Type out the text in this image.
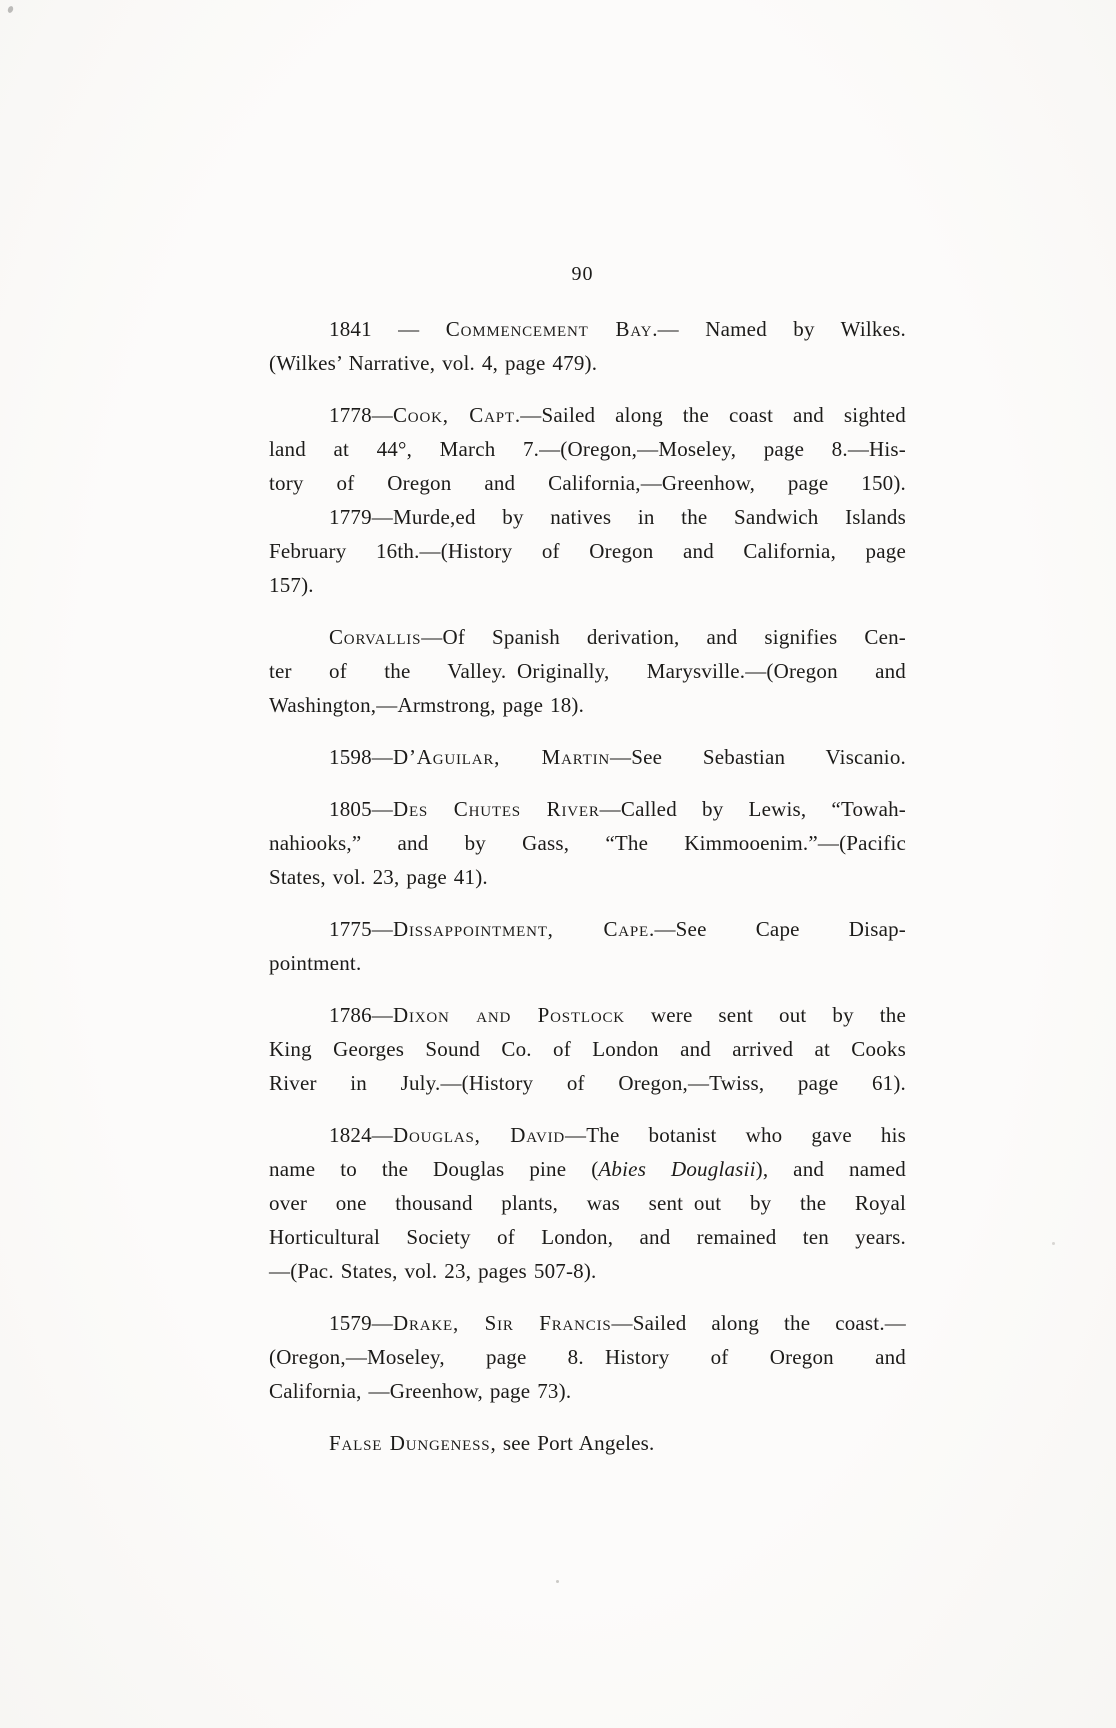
90
1841 — Commencement Bay.— Named by Wilkes.
(Wilkes’ Narrative, vol. 4, page 479).
1778—Cook, Capt.—Sailed along the coast and sighted
land at 44°, March 7.—(Oregon,—Moseley, page 8.—His-
tory of Oregon and California,—Greenhow, page 150).
1779—Murde,ed by natives in the Sandwich Islands
February 16th.—(History of Oregon and California, page
157).
Corvallis—Of Spanish derivation, and signifies Cen-
ter of the Valley. Originally, Marysville.—(Oregon and
Washington,—Armstrong, page 18).
1598—D’Aguilar, Martin—See Sebastian Viscanio.
1805—Des Chutes River—Called by Lewis, “Towah-
nahiooks,” and by Gass, “The Kimmooenim.”—(Pacific
States, vol. 23, page 41).
1775—Dissappointment, Cape.—See Cape Disap-
pointment.
1786—Dixon and Postlock were sent out by the
King Georges Sound Co. of London and arrived at Cooks
River in July.—(History of Oregon,—Twiss, page 61).
1824—Douglas, David—The botanist who gave his
name to the Douglas pine (Abies Douglasii), and named
over one thousand plants, was sent out by the Royal
Horticultural Society of London, and remained ten years.
—(Pac. States, vol. 23, pages 507-8).
1579—Drake, Sir Francis—Sailed along the coast.—
(Oregon,—Moseley, page 8. History of Oregon and
California, —Greenhow, page 73).
False Dungeness, see Port Angeles.
